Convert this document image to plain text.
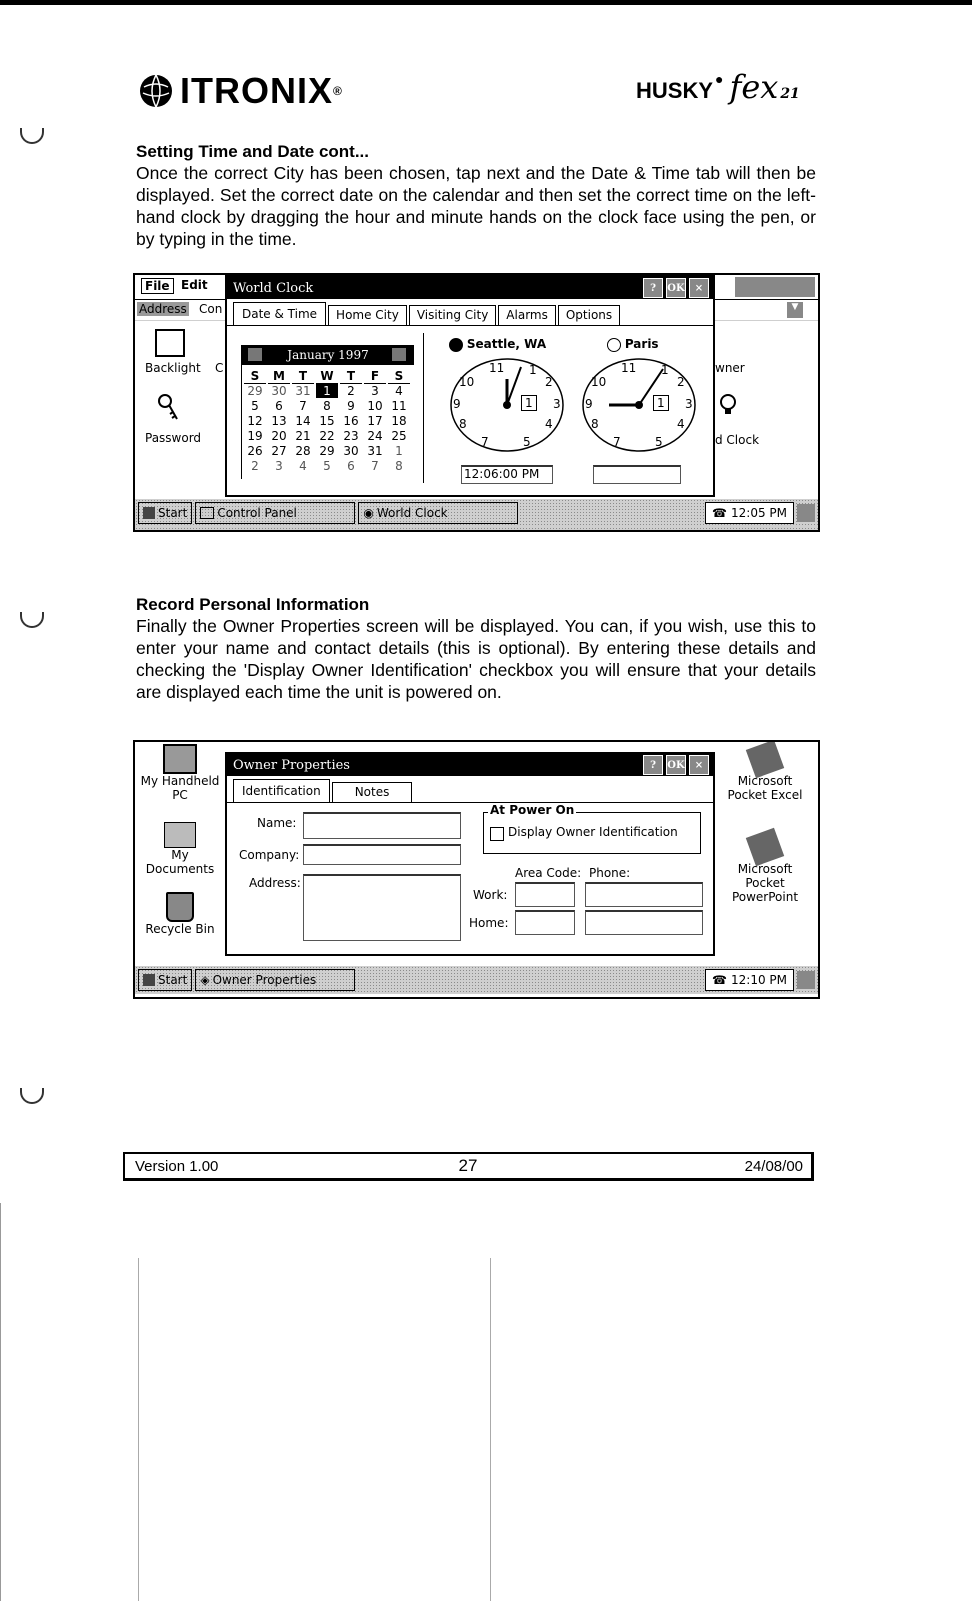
ITRONIX ®	HUSKY ● fex 21
Setting Time and Date cont...

Once the correct City has been chosen, tap next and the Date & Time tab will then be displayed. Set the correct date on the calendar and then set the correct time on the left-hand clock by dragging the hour and minute hands on the clock face using the pen, or by typing in the time.

File Edit
Address Con	▼
Backlight C
Password
wner
d Clock
World Clock	?	OK	×
Date & Time	Home City	Visiting City	Alarms	Options
January 1997
S	M	T	W	T	F	S
29 30 31	1	2	3	4
5	6	7	8	9	10 11
12 13 14 15 16 17 18
19 20 21 22 23 24 25
26 27 28 29 30 31	1
2	3	4	5	6	7	8
Seattle, WA
11 1
2
10
3
9
4
8
7	5
1
12:06:00 PM
Paris
11 1
2
10
3
9
4
8
7	5
1
9:06:00 PM
Start	Control Panel	◉ World Clock	☎ 12:05 PM
Record Personal Information

Finally the Owner Properties screen will be displayed. You can, if you wish, use this to enter your name and contact details (this is optional). By entering these details and checking the 'Display Owner Identification' checkbox you will ensure that your details are displayed each time the unit is powered on.

My Handheld PC
My Documents
Recycle Bin
Microsoft Pocket Excel
Microsoft Pocket PowerPoint
Owner Properties	?	OK	×
Identification	Notes
Name:
Company:
Address:
At Power On
Display Owner Identification
Area Code: Phone:
Work:
Home:
Start ◈ Owner Properties	☎ 12:10 PM
Version 1.00	27	24/08/00
